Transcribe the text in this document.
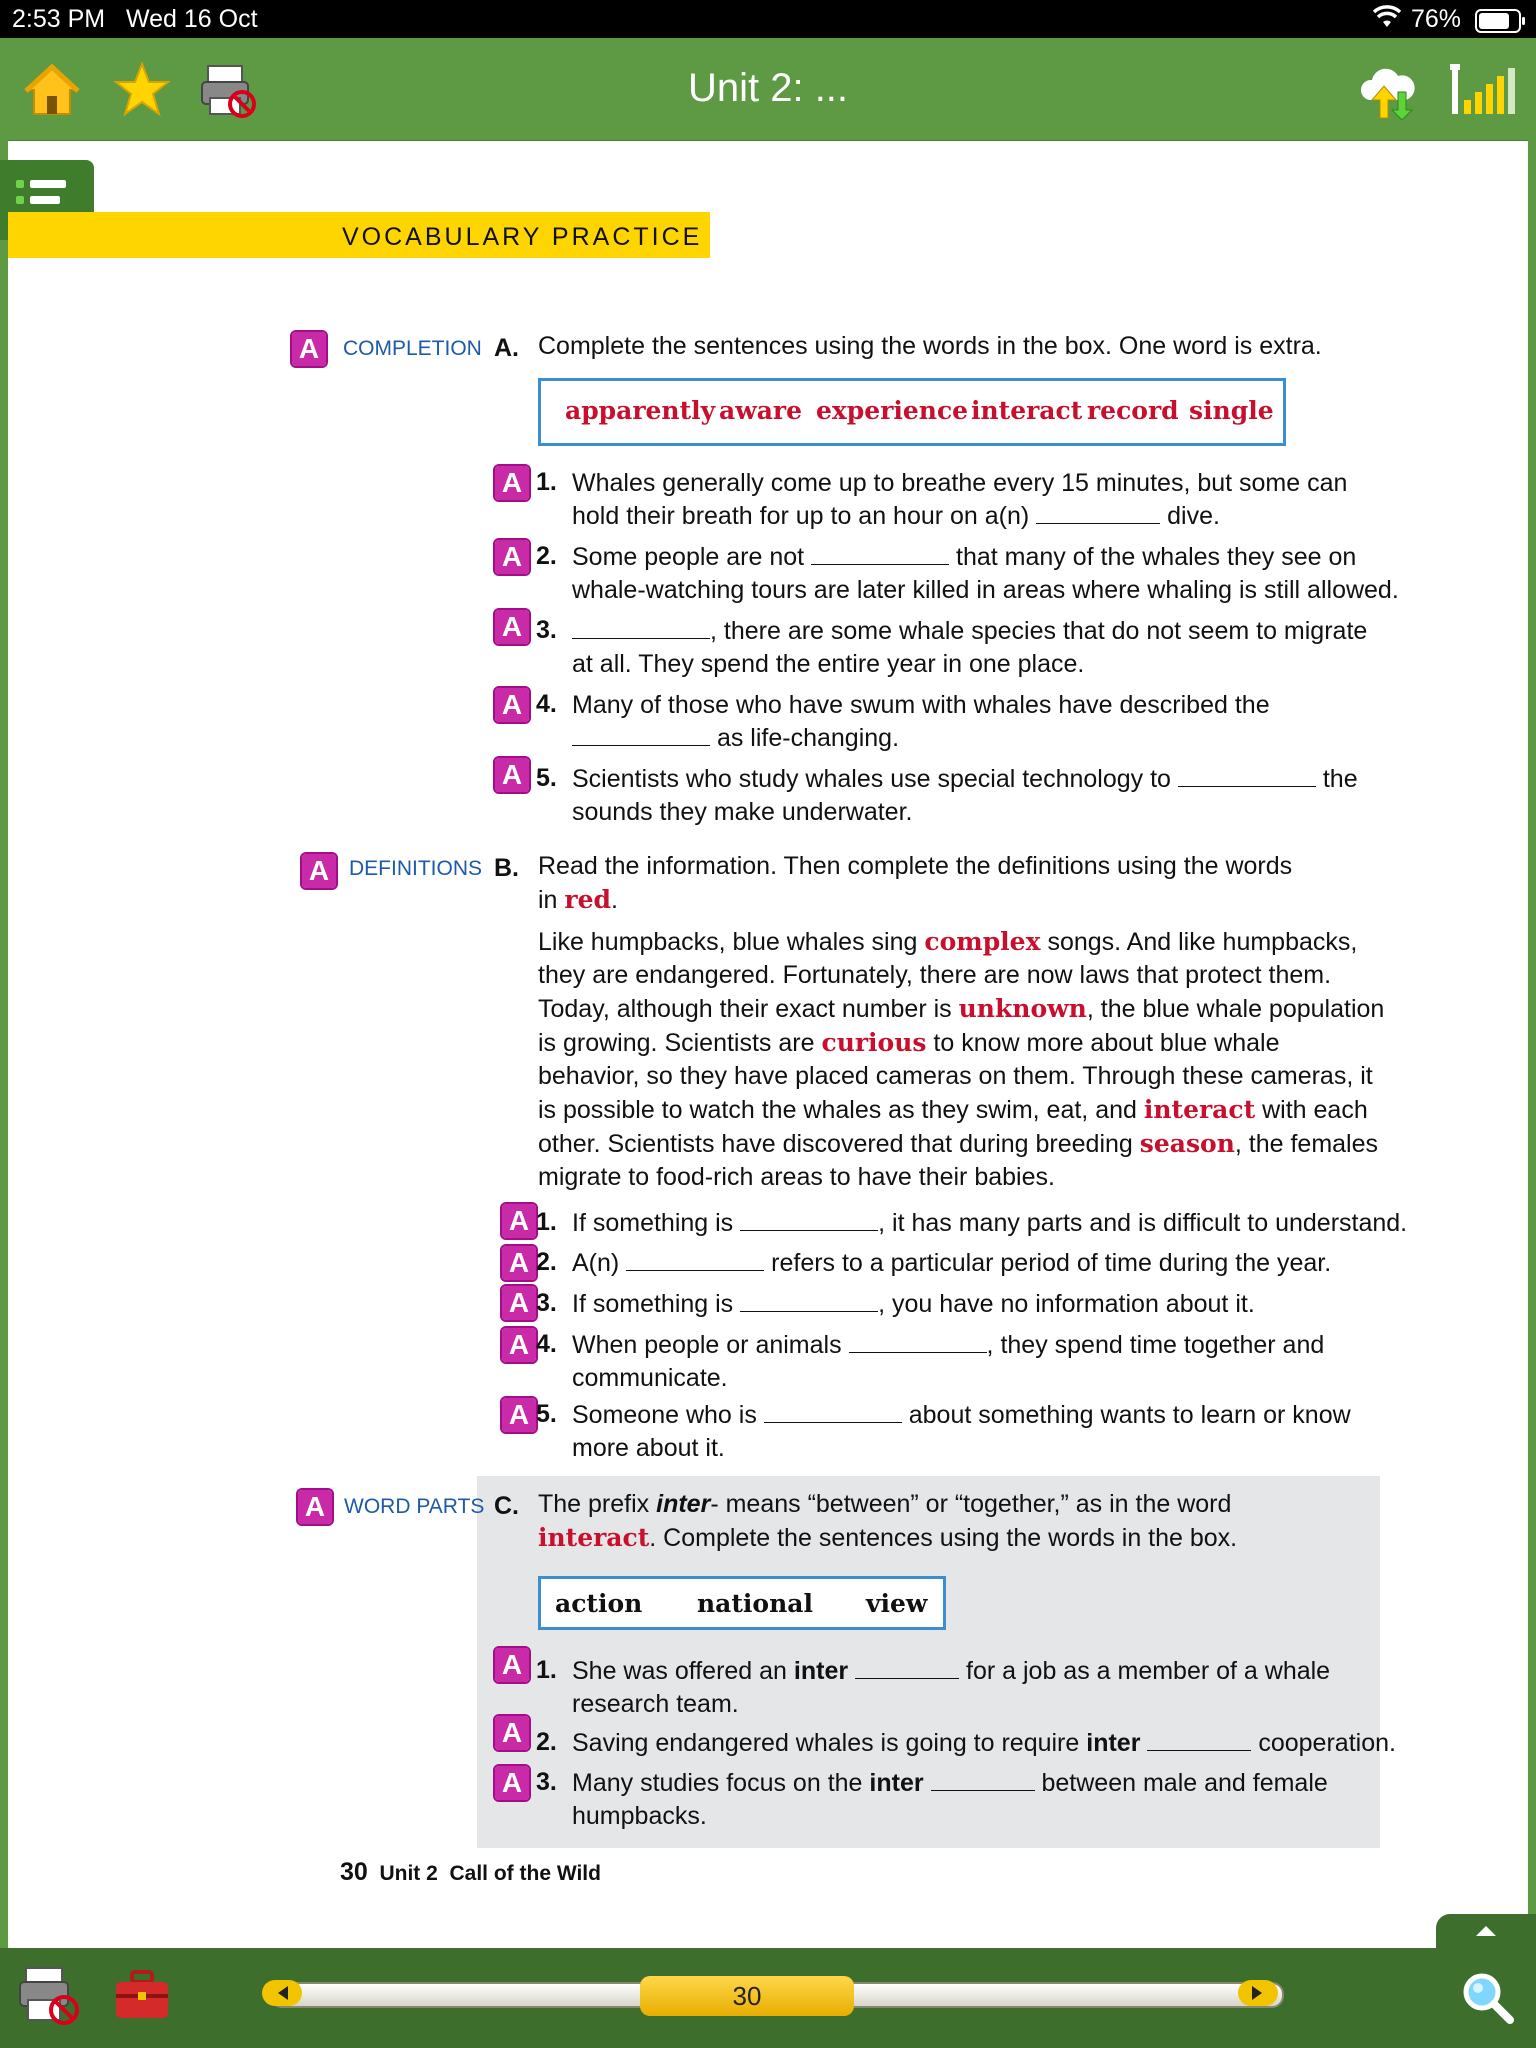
2:53 PM Wed 16 Oct	76%
Unit 2: ...
VOCABULARY PRACTICE
A	COMPLETION A. Complete the sentences using the words in the box. One word is extra.
apparently aware experience interact record single
A 1. Whales generally come up to breathe every 15 minutes, but some can
hold their breath for up to an hour on a(n)	dive.
A 2. Some people are not	that many of the whales they see on
whale-watching tours are later killed in areas where whaling is still allowed.
A 3.	, there are some whale species that do not seem to migrate
at all. They spend the entire year in one place.
A 4. Many of those who have swum with whales have described the
as life-changing.
A 5. Scientists who study whales use special technology to	the
sounds they make underwater.
A DEFINITIONS B. Read the information. Then complete the definitions using the words
in red.
Like humpbacks, blue whales sing complex songs. And like humpbacks,
they are endangered. Fortunately, there are now laws that protect them.
Today, although their exact number is unknown, the blue whale population
is growing. Scientists are curious to know more about blue whale
behavior, so they have placed cameras on them. Through these cameras, it
is possible to watch the whales as they swim, eat, and interact with each
other. Scientists have discovered that during breeding season, the females
migrate to food-rich areas to have their babies.
A 1. If something is	, it has many parts and is difficult to understand.
A 2. A(n)	refers to a particular period of time during the year.
A 3. If something is	, you have no information about it.
A 4. When people or animals	, they spend time together and
communicate.
A 5. Someone who is	about something wants to learn or know
more about it.
A WORD PARTS C. The prefix inter- means “between” or “together,” as in the word
interact. Complete the sentences using the words in the box.
action national view
A 1. She was offered an inter	for a job as a member of a whale
research team.
A 2. Saving endangered whales is going to require inter	cooperation.
A 3. Many studies focus on the inter	between male and female
humpbacks.
30 Unit 2 Call of the Wild
30
